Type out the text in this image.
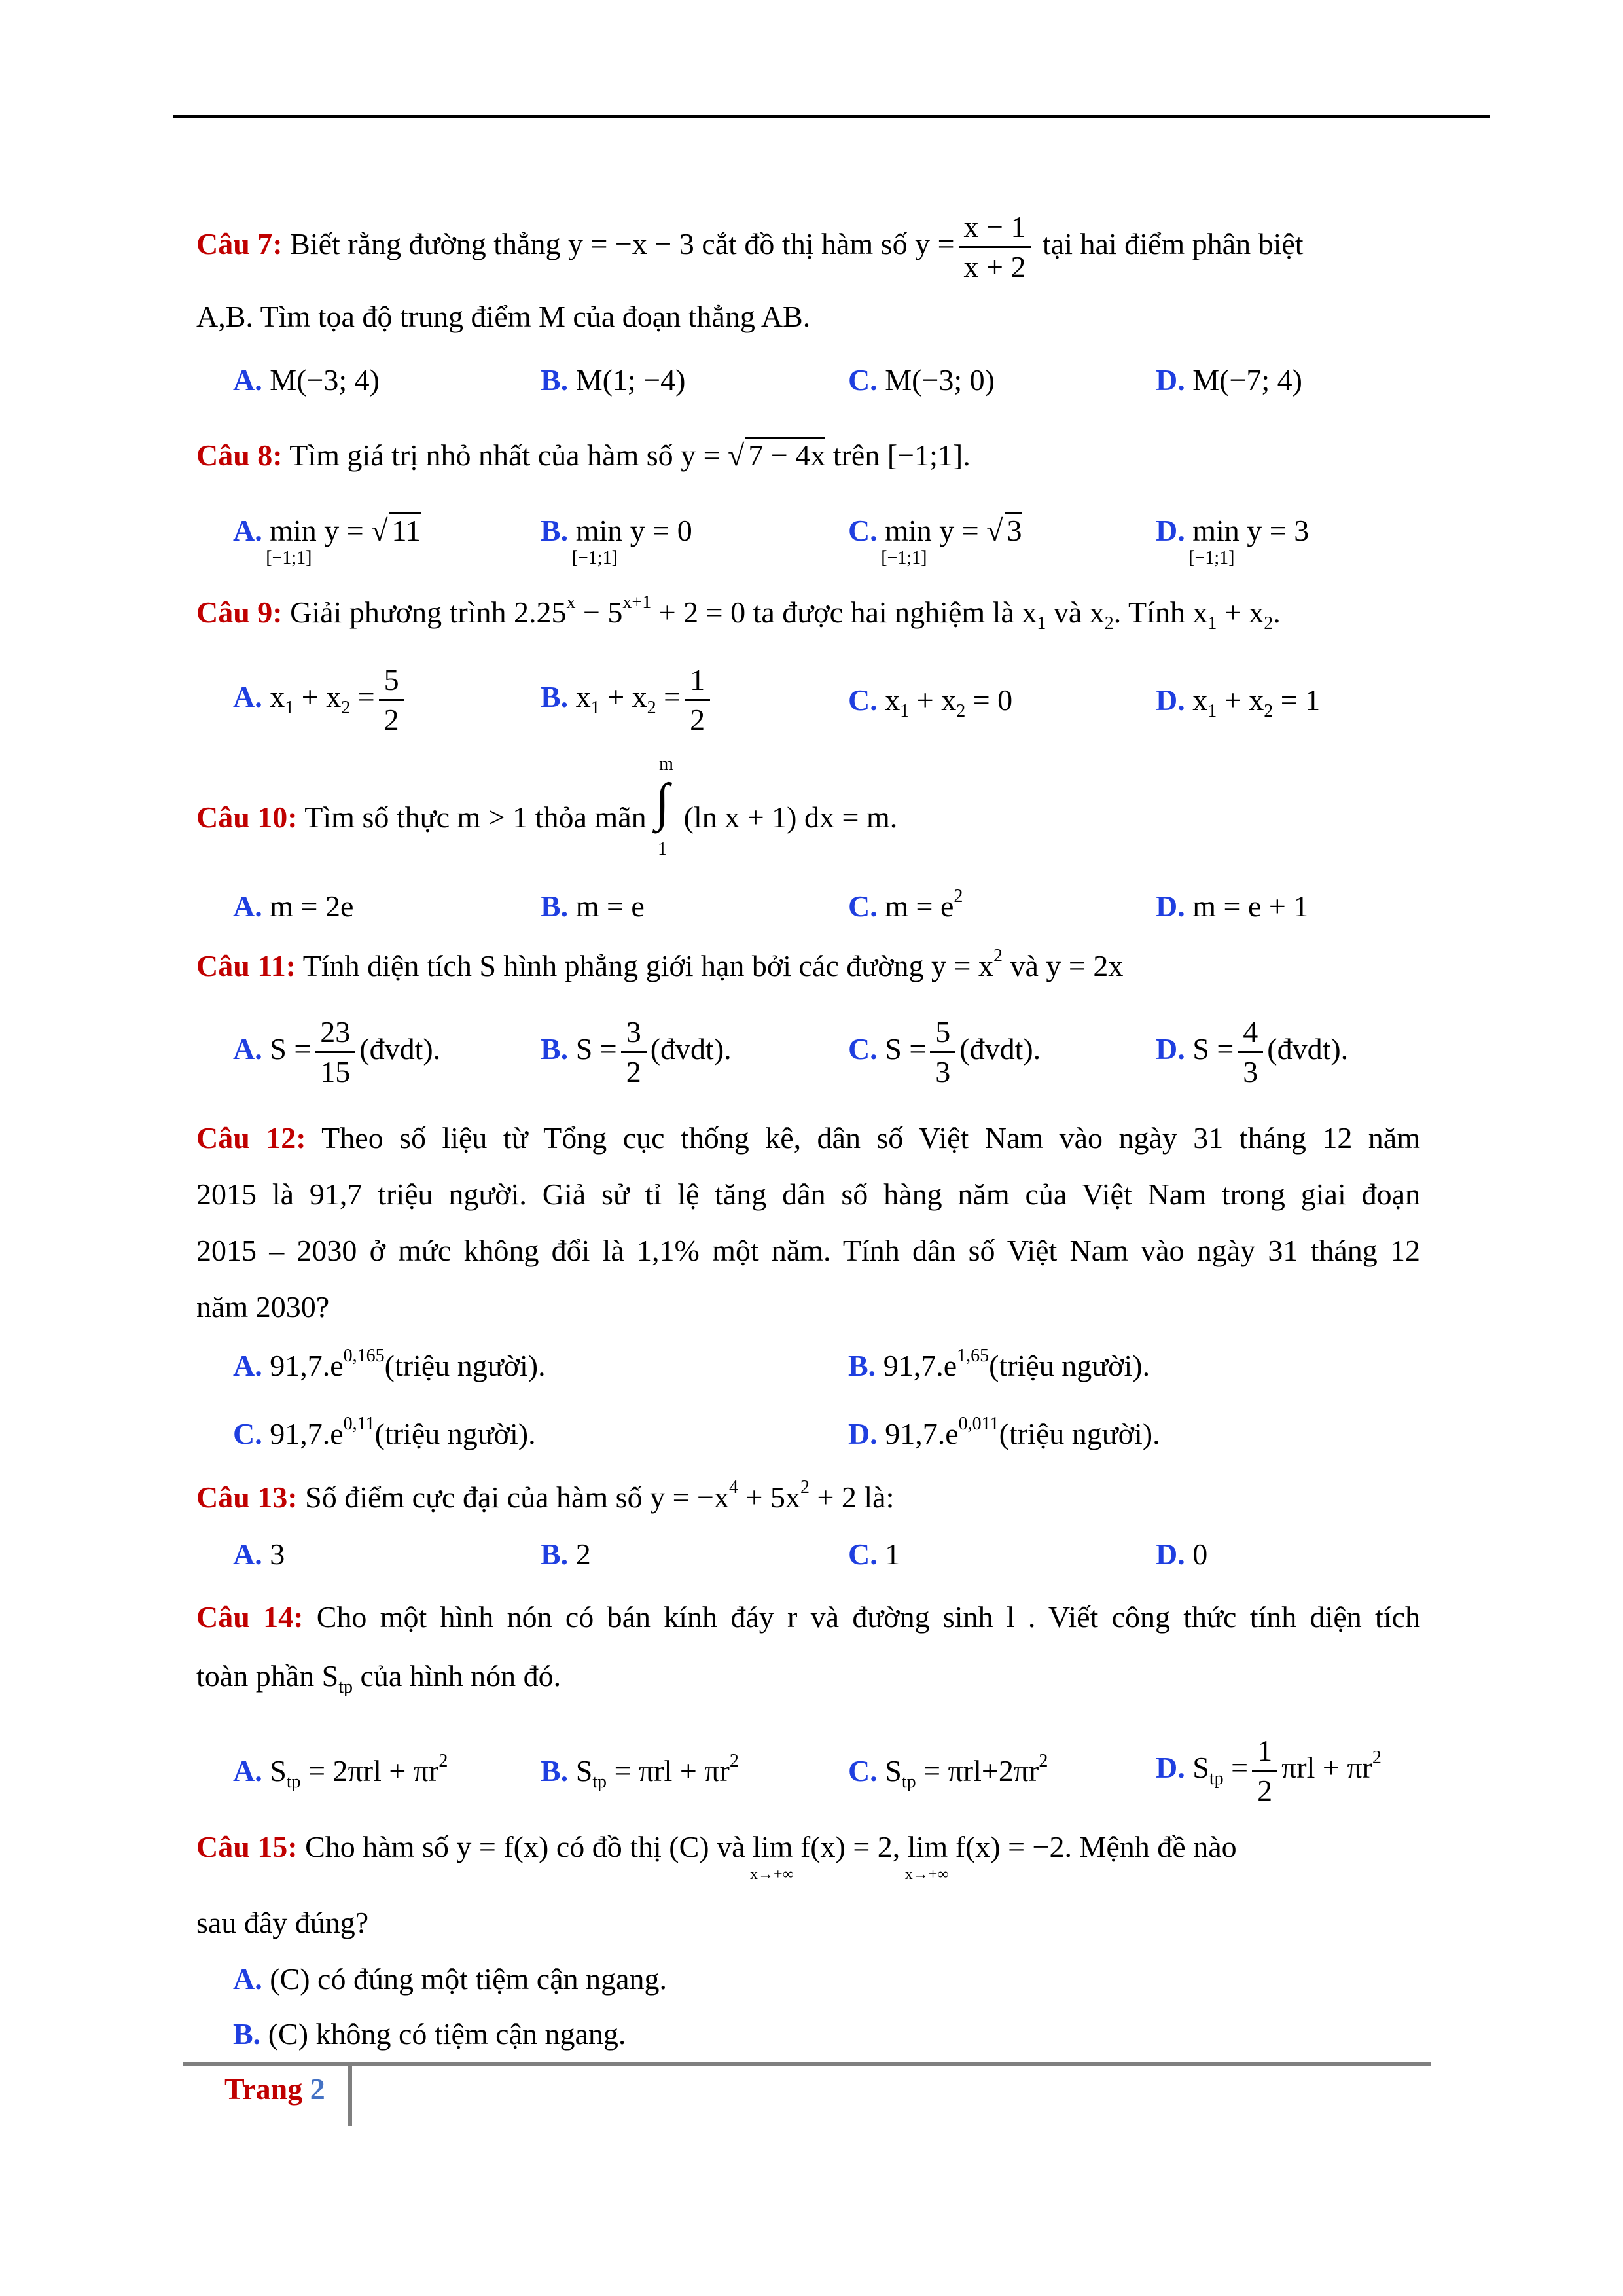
Câu 7: Biết rằng đường thẳng y = −x − 3 cắt đồ thị hàm số $y = \frac{x - 1}{x + 2}$ tại hai điểm phân biệt
A,B. Tìm tọa độ trung điểm M của đoạn thẳng AB.
A. M(−3; 4)	B. M(1; −4)	C. M(−3; 0)	D. M(−7; 4)
Câu 8: Tìm giá trị nhỏ nhất của hàm số y = √ 7 − 4x trên [−1;1].
A. min
[−1;1]
y = √ 11	B. min
[−1;1]
y = 0	C. min
[−1;1]
y = √ 3	D. min
[−1;1]
y = 3
Câu 9: Giải phương trình $2.25^x - 5^{x+1} + 2 = 0$ ta được hai nghiệm là $x_1$ và $x_2$. Tính $x_1 + x_2$.
A. $x_1 + x_2 = \frac{5}{2}$	B. $x_1 + x_2 = \frac{1}{2}$	C. $x_1 + x_2 = 0$	D. $x_1 + x_2 = 1$
Câu 10: Tìm số thực m > 1 thỏa mãn ∫
m
1
(ln x + 1) dx = m.
A. m = 2e	B. m = e	C. $m = e^2$	D. m = e + 1
Câu 11: Tính diện tích S hình phẳng giới hạn bởi các đường $y = x^2$ và y = 2x
A. $S = \frac{23}{15}$ (đvdt).	B. $S = \frac{3}{2}$ (đvdt).	C. $S = \frac{5}{3}$ (đvdt).	D. $S = \frac{4}{3}$ (đvdt).
Câu 12: Theo số liệu từ Tổng cục thống kê, dân số Việt Nam vào ngày 31 tháng 12 năm
2015 là 91,7 triệu người. Giả sử tỉ lệ tăng dân số hàng năm của Việt Nam trong giai đoạn
2015 – 2030 ở mức không đổi là 1,1% một năm. Tính dân số Việt Nam vào ngày 31 tháng 12
năm 2030?
A. $91,7.e^{0,165}(triệu$ người).	B. $91,7.e^{1,65}(triệu$ người).
C. $91,7.e^{0,11}(triệu$ người).	D. $91,7.e^{0,011}(triệu$ người).
Câu 13: Số điểm cực đại của hàm số $y = -x^4 + 5x^2 + 2$ là:
A. 3	B. 2	C. 1	D. 0
Câu 14: Cho một hình nón có bán kính đáy r và đường sinh l . Viết công thức tính diện tích
toàn phần $S_{tp}$ của hình nón đó.
A. $S_{tp} = 2\pi rl + \pi r^2$	B. $S_{tp} = \pi rl + \pi r^2$	C. $S_{tp} = \pi rl+2\pi r^2$	D. $S_{tp} = \frac{1}{2}$ $\pi rl + \pi r^2$
Câu 15: Cho hàm số y = f(x) có đồ thị (C) và lim
x→+∞
f(x) = 2, lim
x→+∞
f(x) = −2. Mệnh đề nào
sau đây đúng?
A. (C) có đúng một tiệm cận ngang.
B. (C) không có tiệm cận ngang.
Trang 2
